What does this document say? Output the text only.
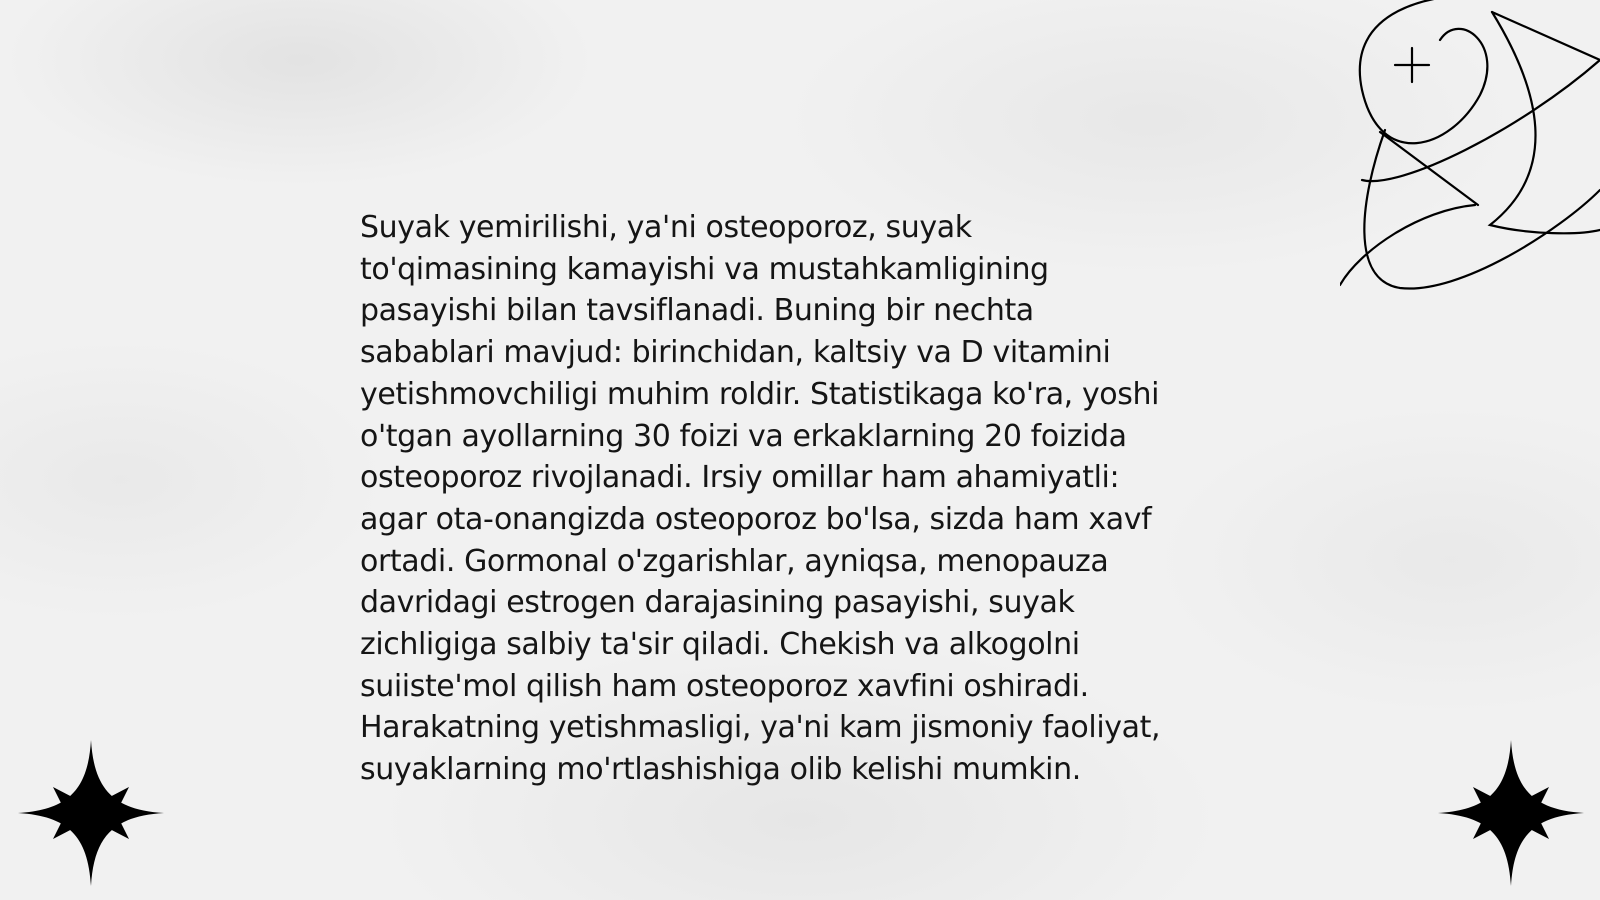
Suyak yemirilishi, ya'ni osteoporoz, suyak
to'qimasining kamayishi va mustahkamligining
pasayishi bilan tavsiflanadi. Buning bir nechta
sabablari mavjud: birinchidan, kaltsiy va D vitamini
yetishmovchiligi muhim roldir. Statistikaga ko'ra, yoshi
o'tgan ayollarning 30 foizi va erkaklarning 20 foizida
osteoporoz rivojlanadi. Irsiy omillar ham ahamiyatli:
agar ota-onangizda osteoporoz bo'lsa, sizda ham xavf
ortadi. Gormonal o'zgarishlar, ayniqsa, menopauza
davridagi estrogen darajasining pasayishi, suyak
zichligiga salbiy ta'sir qiladi. Chekish va alkogolni
suiiste'mol qilish ham osteoporoz xavfini oshiradi.
Harakatning yetishmasligi, ya'ni kam jismoniy faoliyat,
suyaklarning mo'rtlashishiga olib kelishi mumkin.
